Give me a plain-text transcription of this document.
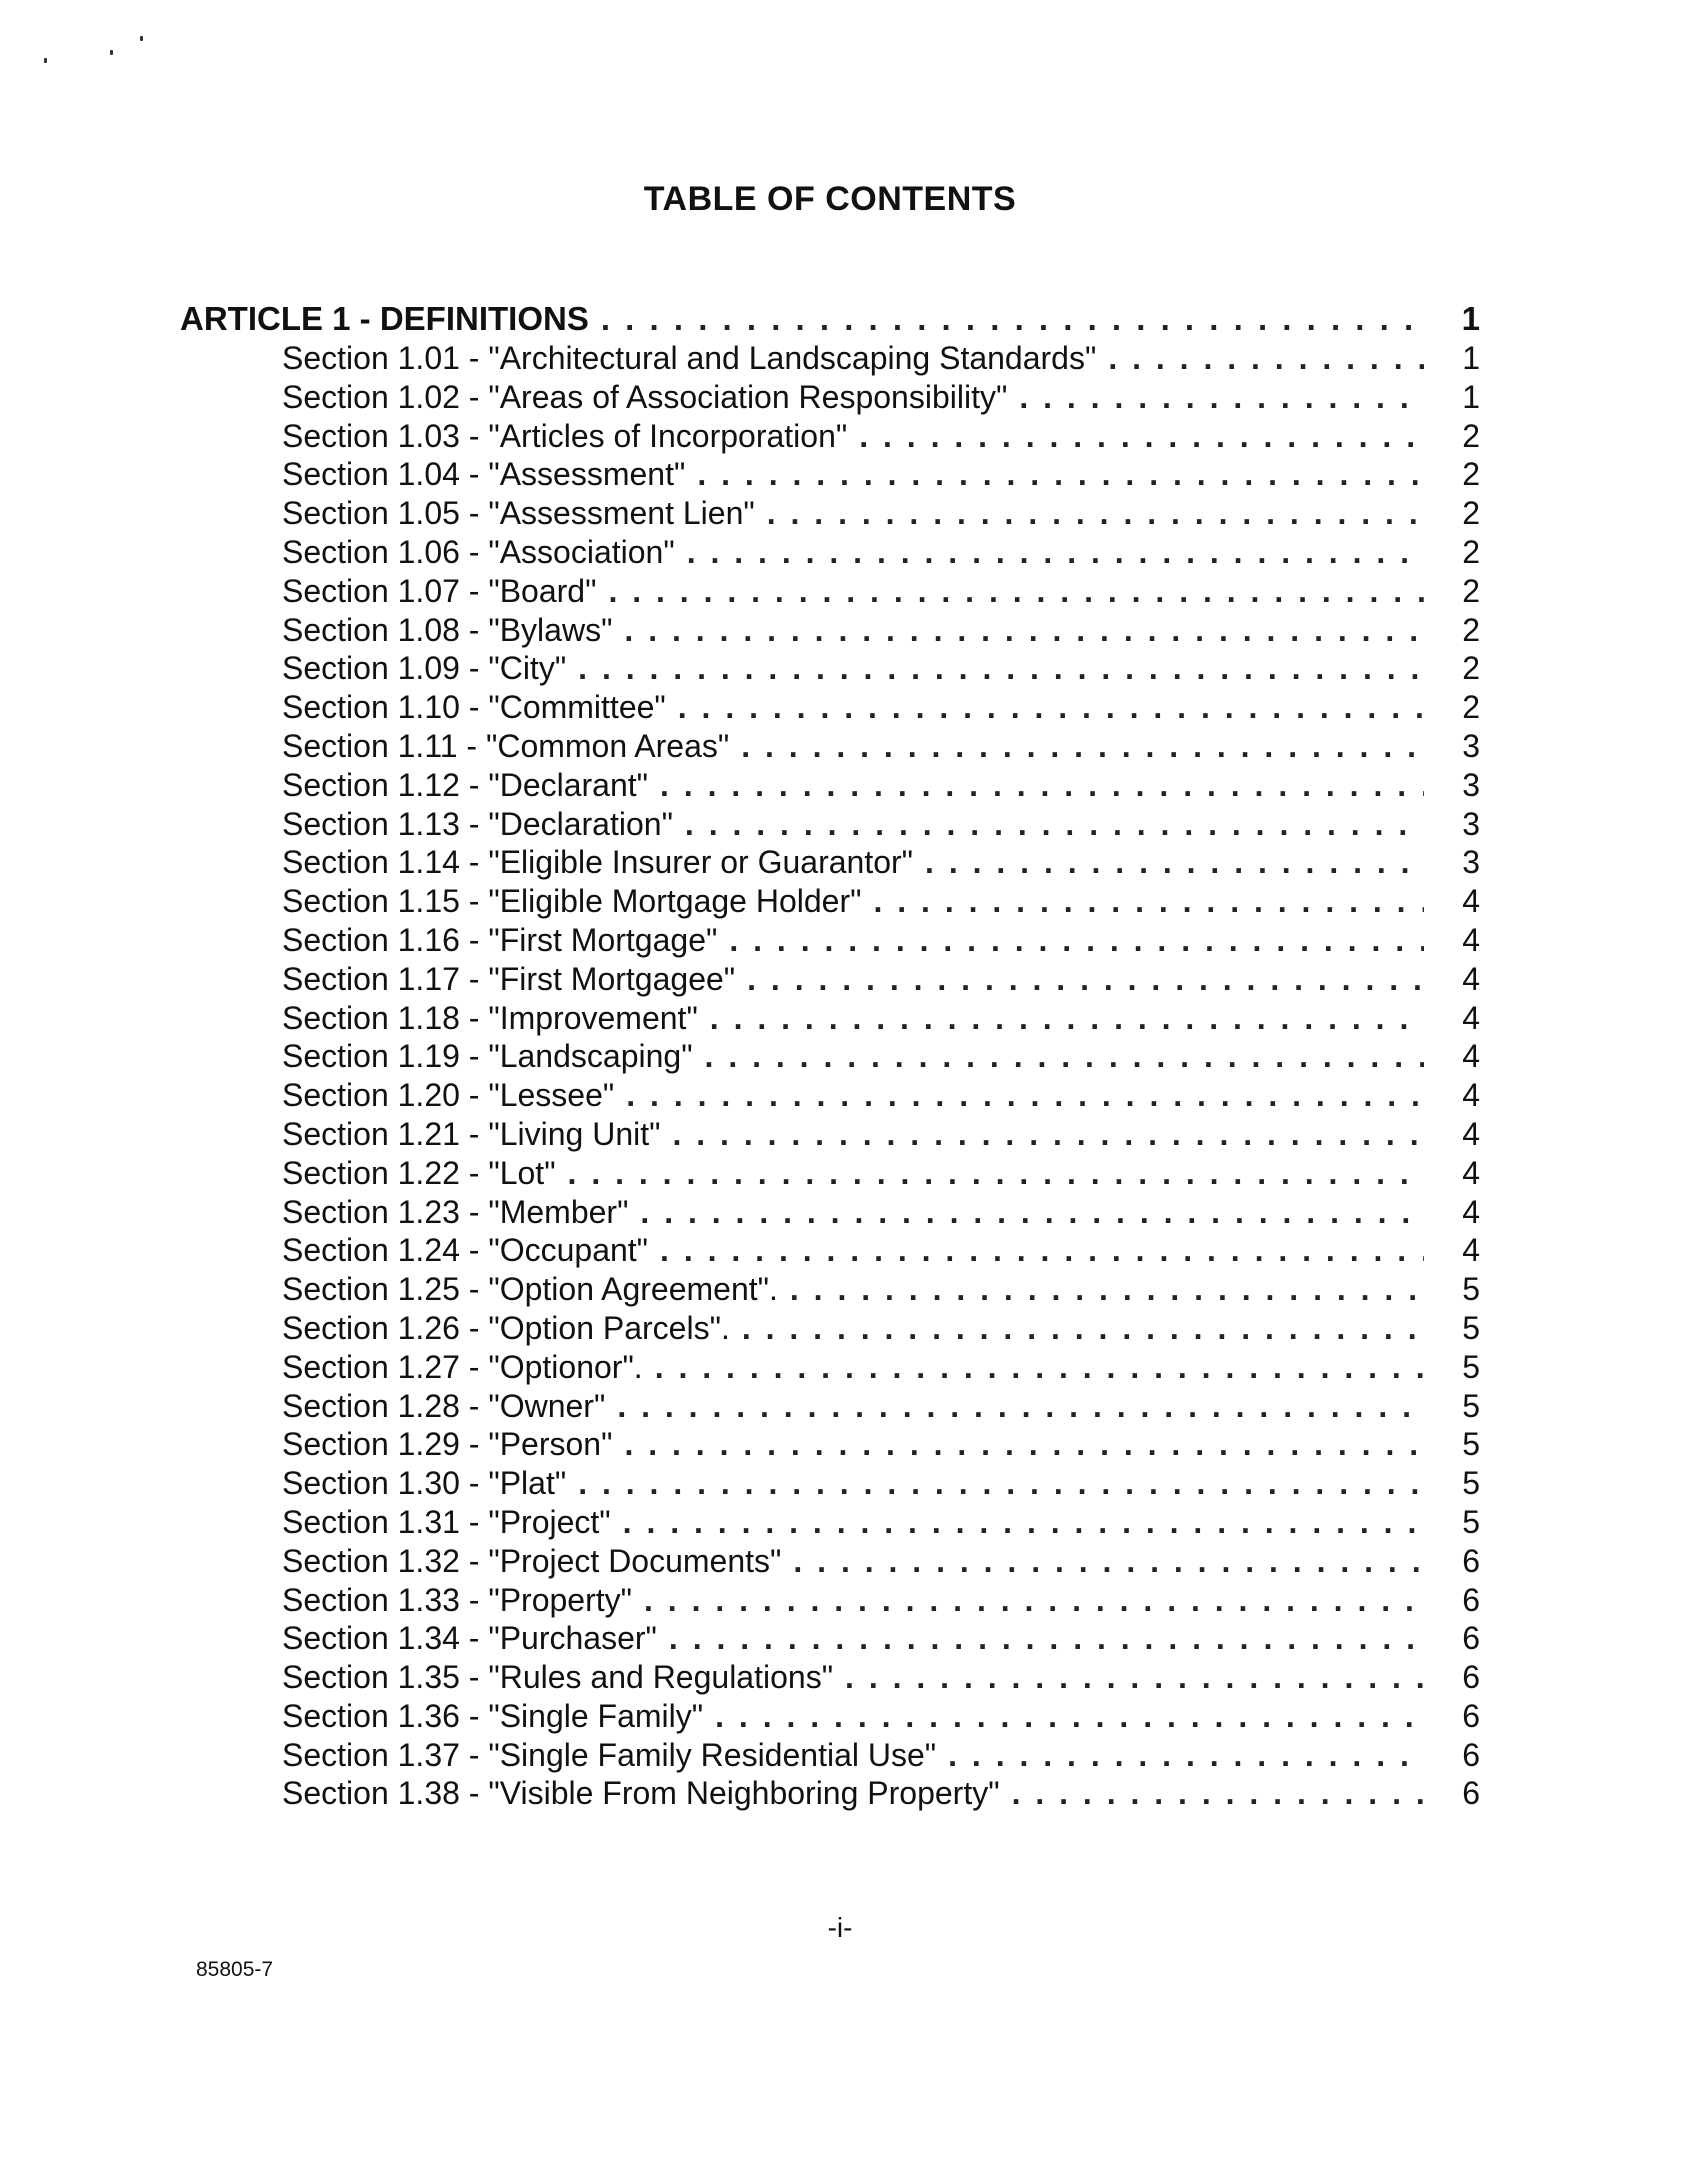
TABLE OF CONTENTS
ARTICLE 1 - DEFINITIONS . . .	1
Section 1.01 - "Architectural and Landscaping Standards" . . .	1
Section 1.02 - "Areas of Association Responsibility" . . .	1
Section 1.03 - "Articles of Incorporation" . . .	2
Section 1.04 - "Assessment" . . .	2
Section 1.05 - "Assessment Lien" . . .	2
Section 1.06 - "Association" . . .	2
Section 1.07 - "Board" . . .	2
Section 1.08 - "Bylaws" . . .	2
Section 1.09 - "City" . . .	2
Section 1.10 - "Committee" . . .	2
Section 1.11 - "Common Areas" . . .	3
Section 1.12 - "Declarant" . . .	3
Section 1.13 - "Declaration" . . .	3
Section 1.14 - "Eligible Insurer or Guarantor" . . .	3
Section 1.15 - "Eligible Mortgage Holder" . . .	4
Section 1.16 - "First Mortgage" . . .	4
Section 1.17 - "First Mortgagee" . . .	4
Section 1.18 - "Improvement" . . .	4
Section 1.19 - "Landscaping" . . .	4
Section 1.20 - "Lessee" . . .	4
Section 1.21 - "Living Unit" . . .	4
Section 1.22 - "Lot" . . .	4
Section 1.23 - "Member" . . .	4
Section 1.24 - "Occupant" . . .	4
Section 1.25 - "Option Agreement". . . .	5
Section 1.26 - "Option Parcels". . . .	5
Section 1.27 - "Optionor". . . .	5
Section 1.28 - "Owner" . . .	5
Section 1.29 - "Person" . . .	5
Section 1.30 - "Plat" . . .	5
Section 1.31 - "Project" . . .	5
Section 1.32 - "Project Documents" . . .	6
Section 1.33 - "Property" . . .	6
Section 1.34 - "Purchaser" . . .	6
Section 1.35 - "Rules and Regulations" . . .	6
Section 1.36 - "Single Family" . . .	6
Section 1.37 - "Single Family Residential Use" . . .	6
Section 1.38 - "Visible From Neighboring Property" . . .	6
-i-
85805-7
